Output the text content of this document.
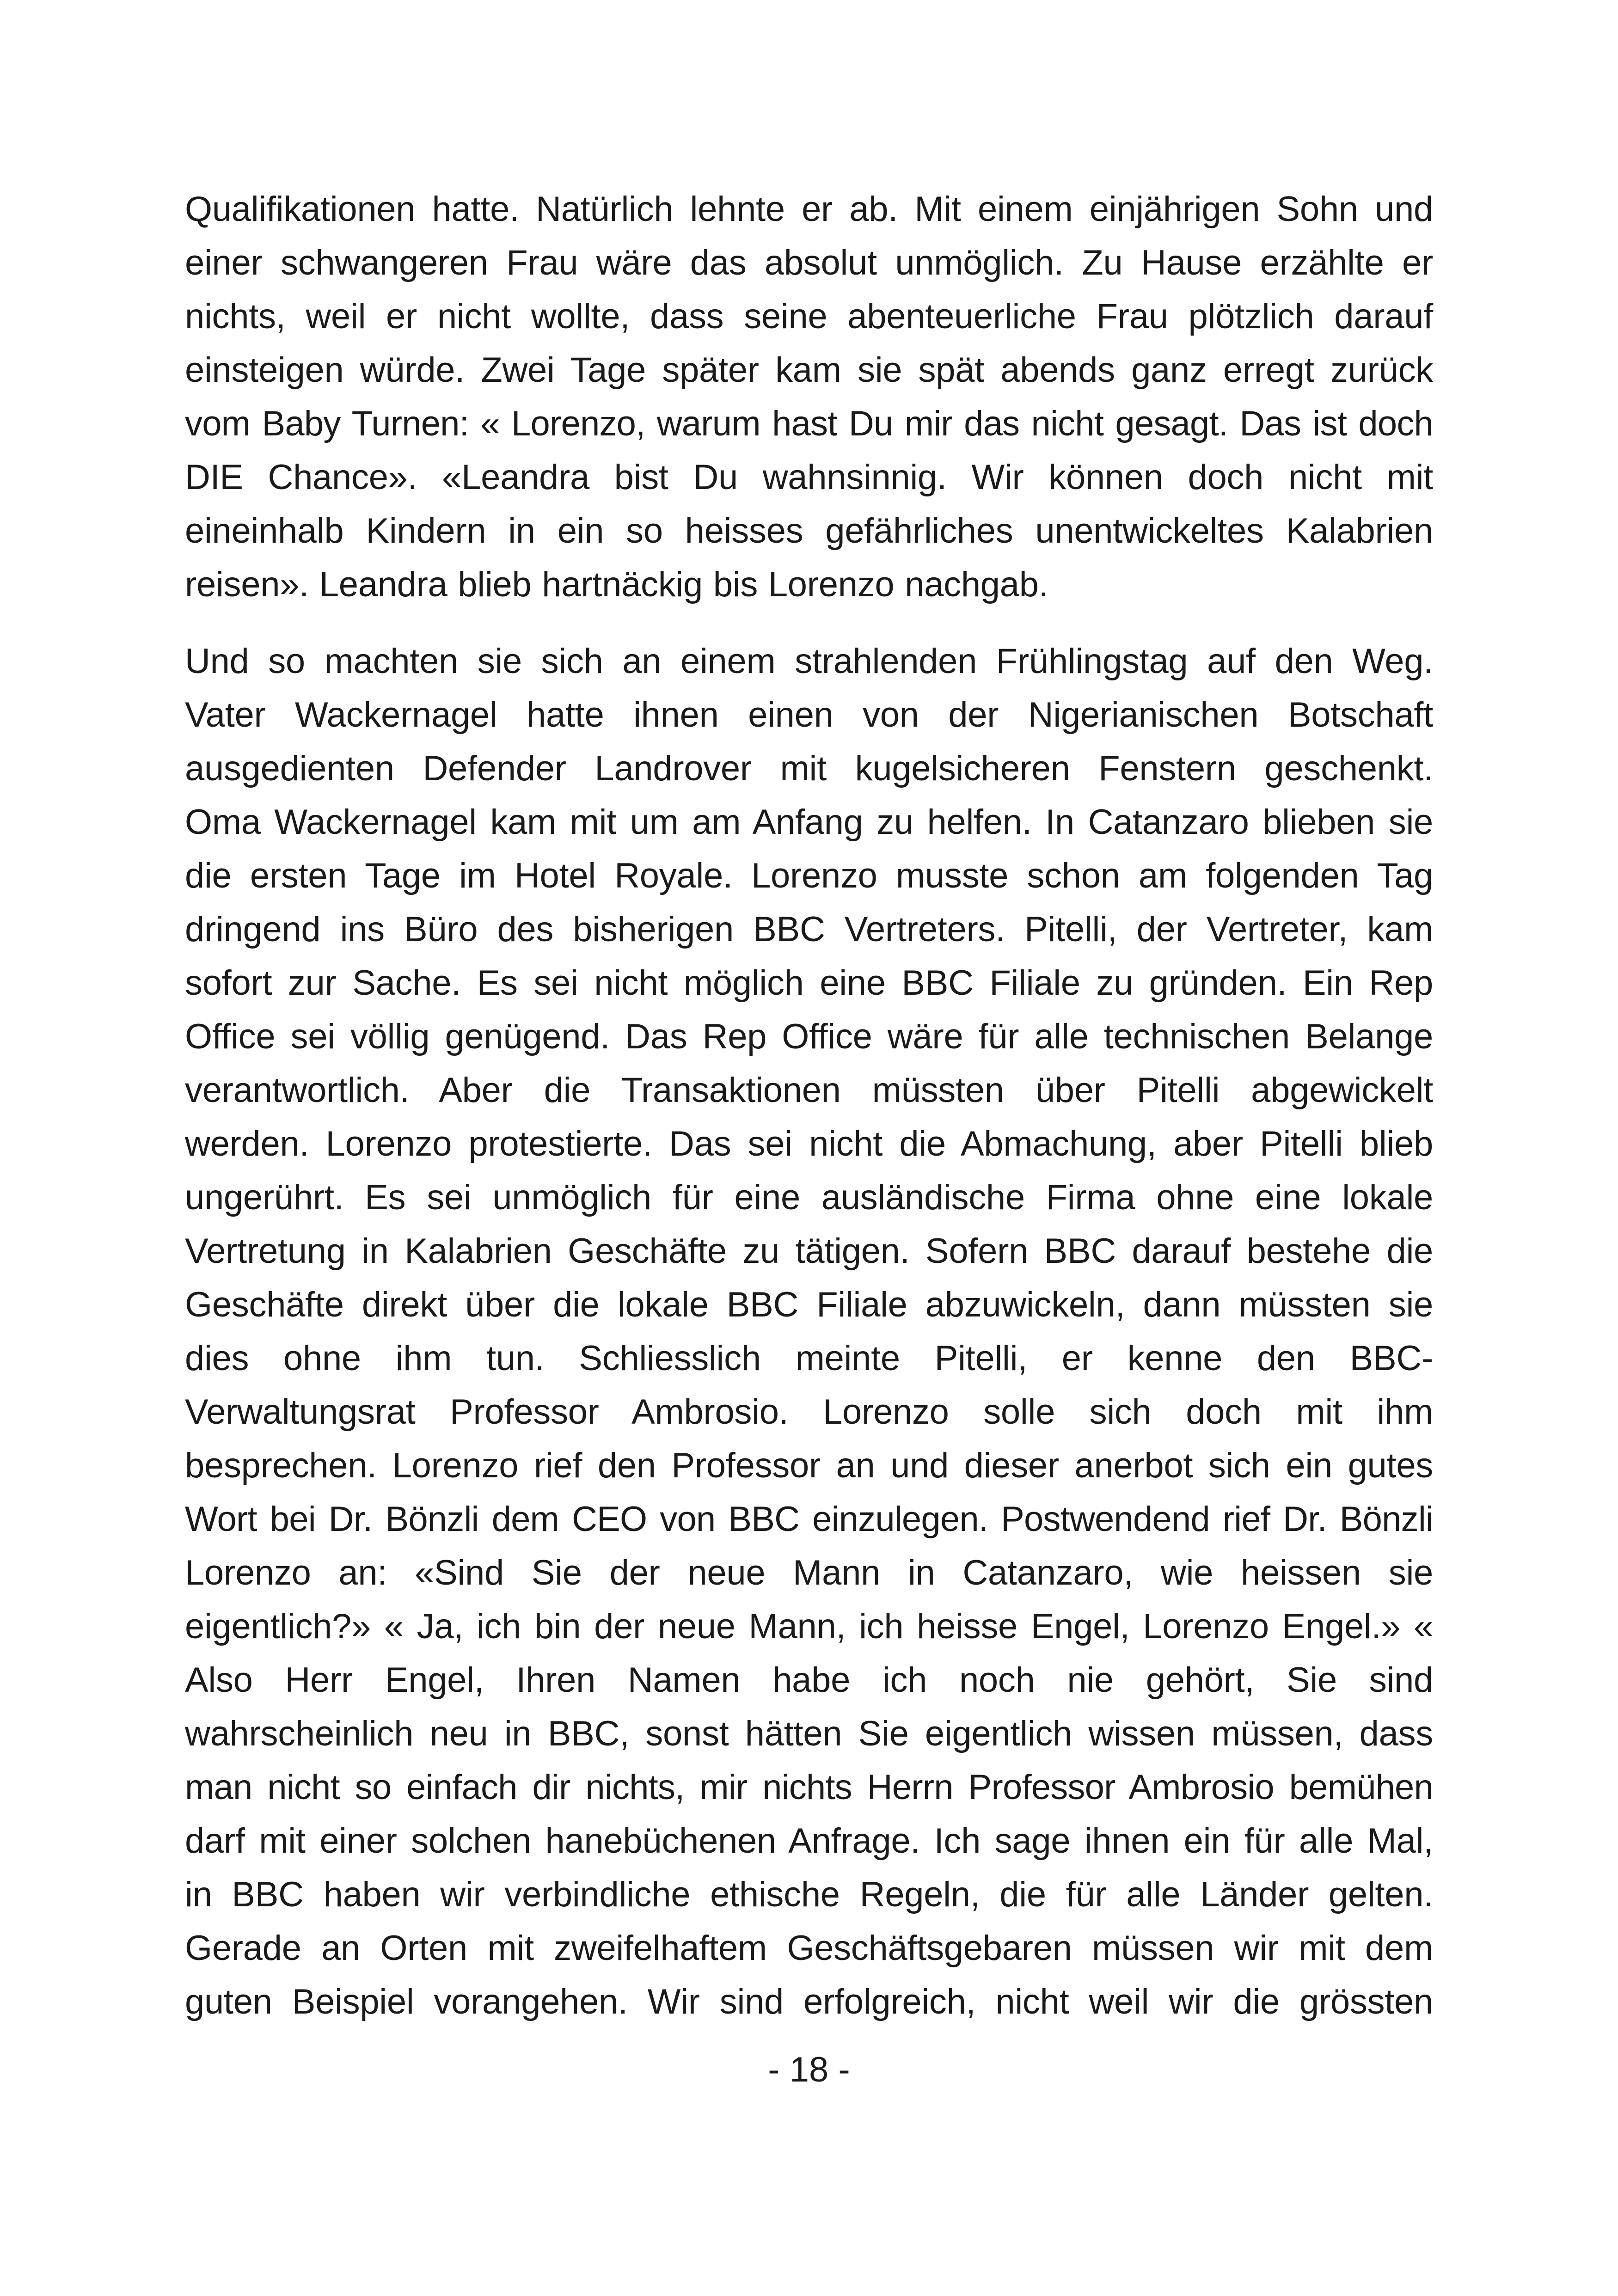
Qualifikationen hatte. Natürlich lehnte er ab. Mit einem einjährigen Sohn und
einer schwangeren Frau wäre das absolut unmöglich. Zu Hause erzählte er
nichts, weil er nicht wollte, dass seine abenteuerliche Frau plötzlich darauf
einsteigen würde. Zwei Tage später kam sie spät abends ganz erregt zurück
vom Baby Turnen: « Lorenzo, warum hast Du mir das nicht gesagt. Das ist doch
DIE Chance». «Leandra bist Du wahnsinnig. Wir können doch nicht mit
eineinhalb Kindern in ein so heisses gefährliches unentwickeltes Kalabrien
reisen». Leandra blieb hartnäckig bis Lorenzo nachgab.

Und so machten sie sich an einem strahlenden Frühlingstag auf den Weg.
Vater Wackernagel hatte ihnen einen von der Nigerianischen Botschaft
ausgedienten Defender Landrover mit kugelsicheren Fenstern geschenkt.
Oma Wackernagel kam mit um am Anfang zu helfen. In Catanzaro blieben sie
die ersten Tage im Hotel Royale. Lorenzo musste schon am folgenden Tag
dringend ins Büro des bisherigen BBC Vertreters. Pitelli, der Vertreter, kam
sofort zur Sache. Es sei nicht möglich eine BBC Filiale zu gründen. Ein Rep
Office sei völlig genügend. Das Rep Office wäre für alle technischen Belange
verantwortlich. Aber die Transaktionen müssten über Pitelli abgewickelt
werden. Lorenzo protestierte. Das sei nicht die Abmachung, aber Pitelli blieb
ungerührt. Es sei unmöglich für eine ausländische Firma ohne eine lokale
Vertretung in Kalabrien Geschäfte zu tätigen. Sofern BBC darauf bestehe die
Geschäfte direkt über die lokale BBC Filiale abzuwickeln, dann müssten sie
dies ohne ihm tun. Schliesslich meinte Pitelli, er kenne den BBC-
Verwaltungsrat Professor Ambrosio. Lorenzo solle sich doch mit ihm
besprechen. Lorenzo rief den Professor an und dieser anerbot sich ein gutes
Wort bei Dr. Bönzli dem CEO von BBC einzulegen. Postwendend rief Dr. Bönzli
Lorenzo an: «Sind Sie der neue Mann in Catanzaro, wie heissen sie
eigentlich?» « Ja, ich bin der neue Mann, ich heisse Engel, Lorenzo Engel.» «
Also Herr Engel, Ihren Namen habe ich noch nie gehört, Sie sind
wahrscheinlich neu in BBC, sonst hätten Sie eigentlich wissen müssen, dass
man nicht so einfach dir nichts, mir nichts Herrn Professor Ambrosio bemühen
darf mit einer solchen hanebüchenen Anfrage. Ich sage ihnen ein für alle Mal,
in BBC haben wir verbindliche ethische Regeln, die für alle Länder gelten.
Gerade an Orten mit zweifelhaftem Geschäftsgebaren müssen wir mit dem
guten Beispiel vorangehen. Wir sind erfolgreich, nicht weil wir die grössten

- 18 -
